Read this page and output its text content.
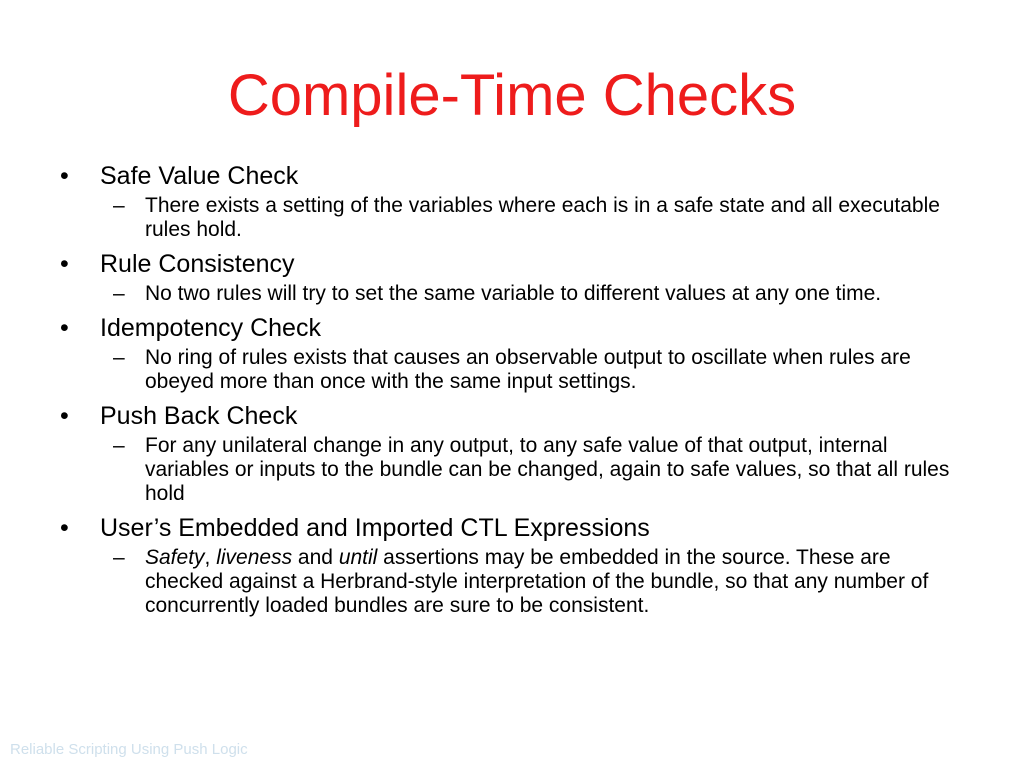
Compile-Time Checks
•	Safe Value Check
– There exists a setting of the variables where each is in a safe state and all executable rules hold.
•	Rule Consistency
– No two rules will try to set the same variable to different values at any one time.
•	Idempotency Check
– No ring of rules exists that causes an observable output to oscillate when rules are obeyed more than once with the same input settings.
•	Push Back Check
– For any unilateral change in any output, to any safe value of that output, internal variables or inputs to the bundle can be changed, again to safe values, so that all rules hold
•	User’s Embedded and Imported CTL Expressions
– Safety, liveness and until assertions may be embedded in the source. These are checked against a Herbrand-style interpretation of the bundle, so that any number of concurrently loaded bundles are sure to be consistent.
Reliable Scripting Using Push Logic
